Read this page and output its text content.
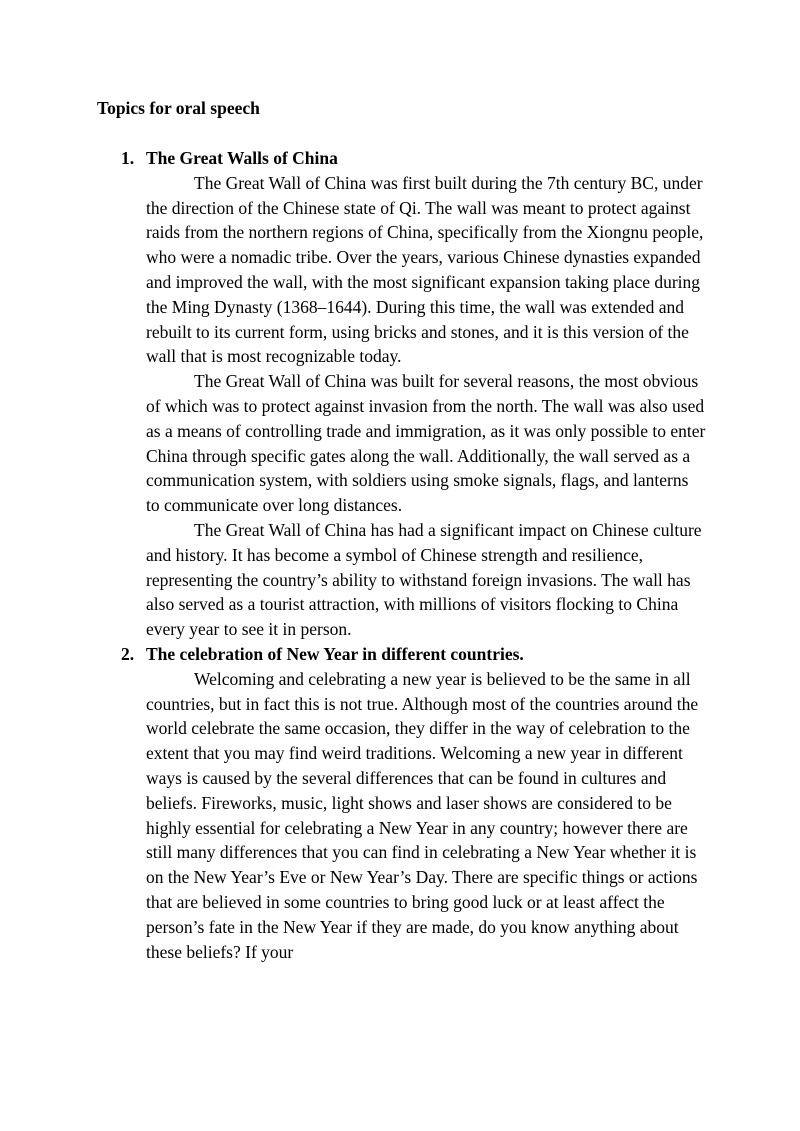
Topics for oral speech
1. The Great Walls of China

The Great Wall of China was first built during the 7th century BC, under the direction of the Chinese state of Qi. The wall was meant to protect against raids from the northern regions of China, specifically from the Xiongnu people, who were a nomadic tribe. Over the years, various Chinese dynasties expanded and improved the wall, with the most significant expansion taking place during the Ming Dynasty (1368–1644). During this time, the wall was extended and rebuilt to its current form, using bricks and stones, and it is this version of the wall that is most recognizable today.

The Great Wall of China was built for several reasons, the most obvious of which was to protect against invasion from the north. The wall was also used as a means of controlling trade and immigration, as it was only possible to enter China through specific gates along the wall. Additionally, the wall served as a communication system, with soldiers using smoke signals, flags, and lanterns to communicate over long distances.

The Great Wall of China has had a significant impact on Chinese culture and history. It has become a symbol of Chinese strength and resilience, representing the country’s ability to withstand foreign invasions. The wall has also served as a tourist attraction, with millions of visitors flocking to China every year to see it in person.

2. The celebration of New Year in different countries.

Welcoming and celebrating a new year is believed to be the same in all countries, but in fact this is not true. Although most of the countries around the world celebrate the same occasion, they differ in the way of celebration to the extent that you may find weird traditions. Welcoming a new year in different ways is caused by the several differences that can be found in cultures and beliefs. Fireworks, music, light shows and laser shows are considered to be highly essential for celebrating a New Year in any country; however there are still many differences that you can find in celebrating a New Year whether it is on the New Year’s Eve or New Year’s Day. There are specific things or actions that are believed in some countries to bring good luck or at least affect the person’s fate in the New Year if they are made, do you know anything about these beliefs? If your
